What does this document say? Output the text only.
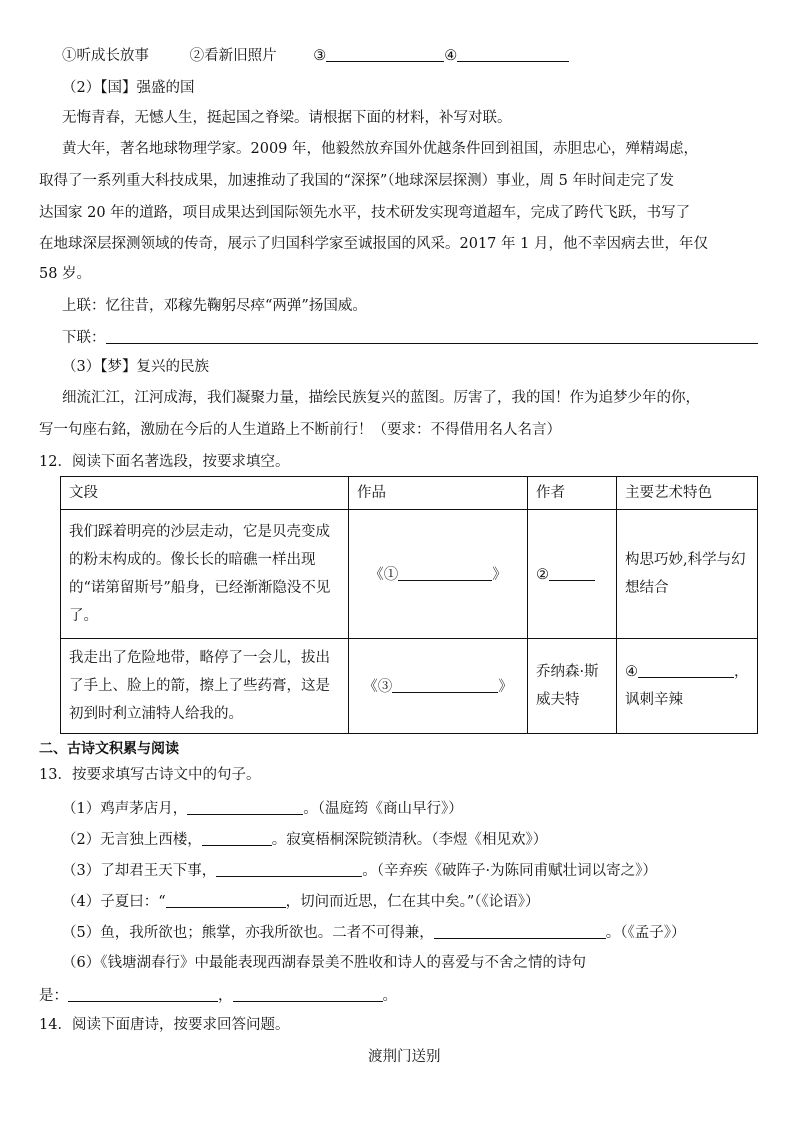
①听成长放事	②看新旧照片	③	④
（2）【国】强盛的国
无悔青春，无憾人生，挺起国之脊梁。请根据下面的材料，补写对联。
黄大年，著名地球物理学家。2009 年，他毅然放弃国外优越条件回到祖国，赤胆忠心，殚精竭虑，
取得了一系列重大科技成果，加速推动了我国的“深探”（地球深层探测）事业，周 5 年时间走完了发
达国家 20 年的道路，项目成果达到国际领先水平，技术研发实现弯道超车，完成了跨代飞跃，书写了
在地球深层探测领域的传奇，展示了归国科学家至诚报国的风采。2017 年 1 月，他不幸因病去世，年仅
58 岁。
上联：忆往昔，邓稼先鞠躬尽瘁“两弹”扬国威。
下联：
（3）【梦】复兴的民族
细流汇江，江河成海，我们凝聚力量，描绘民族复兴的蓝图。厉害了，我的国！作为追梦少年的你，
写一句座右銘，激励在今后的人生道路上不断前行！（要求：不得借用名人名言）
12．阅读下面名著选段，按要求填空。
文段	作品	作者	主要艺术特色

我们踩着明亮的沙层走动，它是贝壳变成的粉末构成的。像长长的暗礁一样出现的“诺第留斯号”船身，已经渐渐隐没不见了。	《① 》	②	构思巧妙,科学与幻想结合

我走出了危险地带，略停了一会儿，拔出了手上、脸上的箭，擦上了些药膏，这是初到时利立浦特人给我的。	《③ 》	乔纳森·斯威夫特	④ ，
讽刺辛辣
二、古诗文积累与阅读
13．按要求填写古诗文中的句子。
（1）鸡声茅店月，	。（温庭筠《商山早行》）
（2）无言独上西楼，	。寂寞梧桐深院锁清秋。（李煜《相见欢》）
（3）了却君王天下事，	。（辛弃疾《破阵子·为陈同甫赋壮词以寄之》）
（4）子夏曰：“	，切问而近思，仁在其中矣。”（《论语》）
（5）鱼，我所欲也；熊掌，亦我所欲也。二者不可得兼，	。（《孟子》）
（6）《钱塘湖春行》中最能表现西湖春景美不胜收和诗人的喜爱与不舍之情的诗句
是：	，	。
14．阅读下面唐诗，按要求回答问题。
渡荆门送别
